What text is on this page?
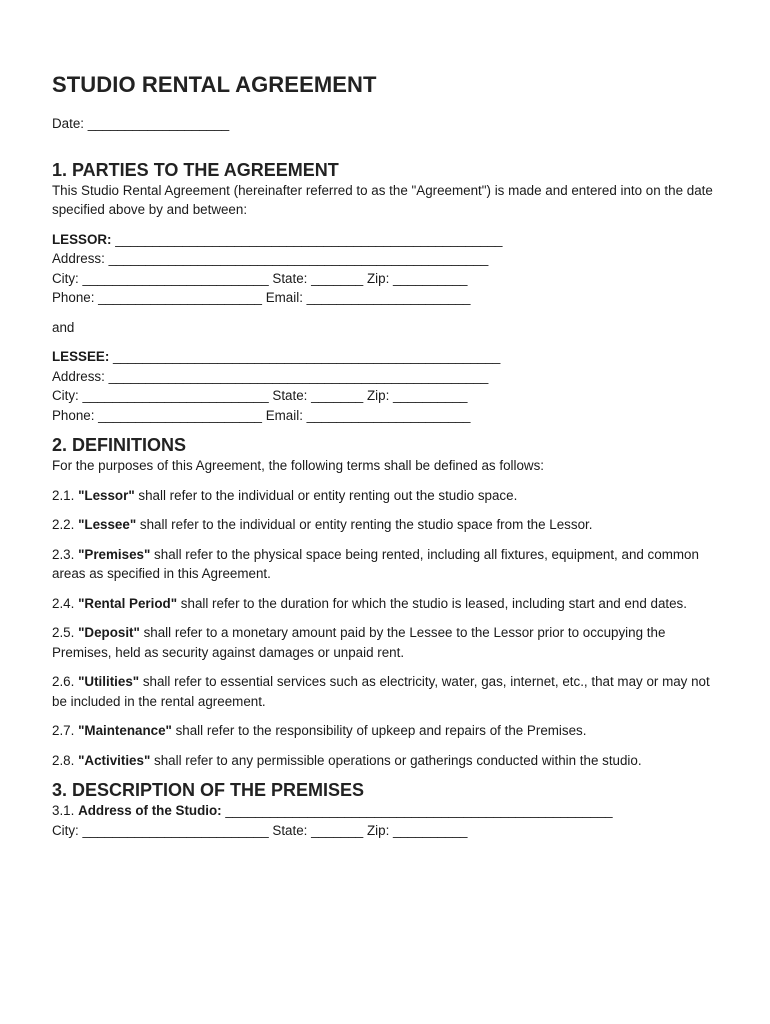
STUDIO RENTAL AGREEMENT
Date: ___________________
1. PARTIES TO THE AGREEMENT

This Studio Rental Agreement (hereinafter referred to as the "Agreement") is made and entered into on the date specified above by and between:

LESSOR: ____________________________________________________
Address: ___________________________________________________
City: _________________________ State: _______ Zip: __________
Phone: ______________________ Email: ______________________
and
LESSEE: ____________________________________________________
Address: ___________________________________________________
City: _________________________ State: _______ Zip: __________
Phone: ______________________ Email: ______________________
2. DEFINITIONS

For the purposes of this Agreement, the following terms shall be defined as follows:

2.1. "Lessor" shall refer to the individual or entity renting out the studio space.

2.2. "Lessee" shall refer to the individual or entity renting the studio space from the Lessor.

2.3. "Premises" shall refer to the physical space being rented, including all fixtures, equipment, and common areas as specified in this Agreement.

2.4. "Rental Period" shall refer to the duration for which the studio is leased, including start and end dates.

2.5. "Deposit" shall refer to a monetary amount paid by the Lessee to the Lessor prior to occupying the Premises, held as security against damages or unpaid rent.

2.6. "Utilities" shall refer to essential services such as electricity, water, gas, internet, etc., that may or may not be included in the rental agreement.

2.7. "Maintenance" shall refer to the responsibility of upkeep and repairs of the Premises.

2.8. "Activities" shall refer to any permissible operations or gatherings conducted within the studio.

3. DESCRIPTION OF THE PREMISES
3.1. Address of the Studio: ____________________________________________________
City: _________________________ State: _______ Zip: __________
